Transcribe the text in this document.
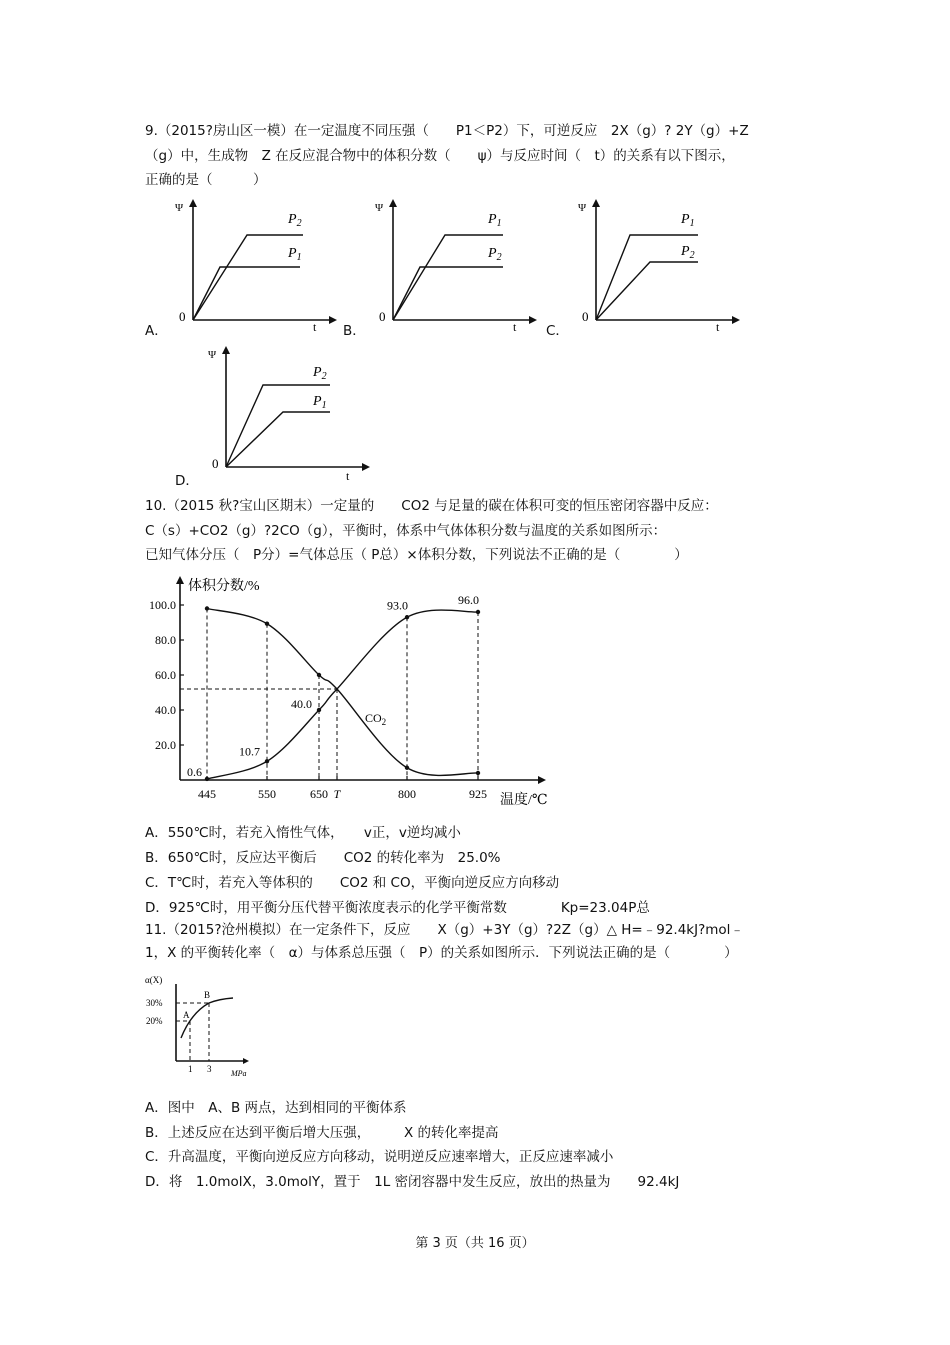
9.（2015?房山区一模）在一定温度不同压强（　　P1＜P2）下，可逆反应　2X（g）? 2Y（g）+Z
（g）中，生成物　Z 在反应混合物中的体积分数（　　ψ）与反应时间（　t）的关系有以下图示，
正确的是（　　　）
A．
Ψ
0
t
$P_2$
$P_1$
B．
Ψ
0
t
$P_1$
$P_2$
C．
Ψ
0
t
$P_1$
$P_2$
D．
Ψ
0
t
$P_2$
$P_1$
10.（2015 秋?宝山区期末）一定量的　　CO2 与足量的碳在体积可变的恒压密闭容器中反应：
C（s）+CO2（g）?2CO（g），平衡时，体系中气体体积分数与温度的关系如图所示：
已知气体分压（　P分）=气体总压（ P总）×体积分数，下列说法不正确的是（　　　　）
体积分数/%
温度/℃
20.0
40.0
60.0
80.0
100.0
445	550	650 T	800	925
0.6
10.7
40.0
93.0	96.0
$CO_2$
A．550℃时，若充入惰性气体，　　v正，v逆均减小
B．650℃时，反应达平衡后　　CO2 的转化率为　25.0%
C．T℃时，若充入等体积的　　CO2 和 CO，平衡向逆反应方向移动
D．925℃时，用平衡分压代替平衡浓度表示的化学平衡常数　　　　Kp=23.04P总
11.（2015?沧州模拟）在一定条件下，反应　　X（g）+3Y（g）?2Z（g）△ H=﹣92.4kJ?mol﹣
1，X 的平衡转化率（　α）与体系总压强（　P）的关系如图所示．下列说法正确的是（　　　　）
α(X)
30%
20%
A
B
1 3 MPa
A．图中　A、B 两点，达到相同的平衡体系
B．上述反应在达到平衡后增大压强，　　　X 的转化率提高
C．升高温度，平衡向逆反应方向移动，说明逆反应速率增大，正反应速率减小
D．将　1.0molX，3.0molY，置于　1L 密闭容器中发生反应，放出的热量为　　92.4kJ
第 3 页（共 16 页）
